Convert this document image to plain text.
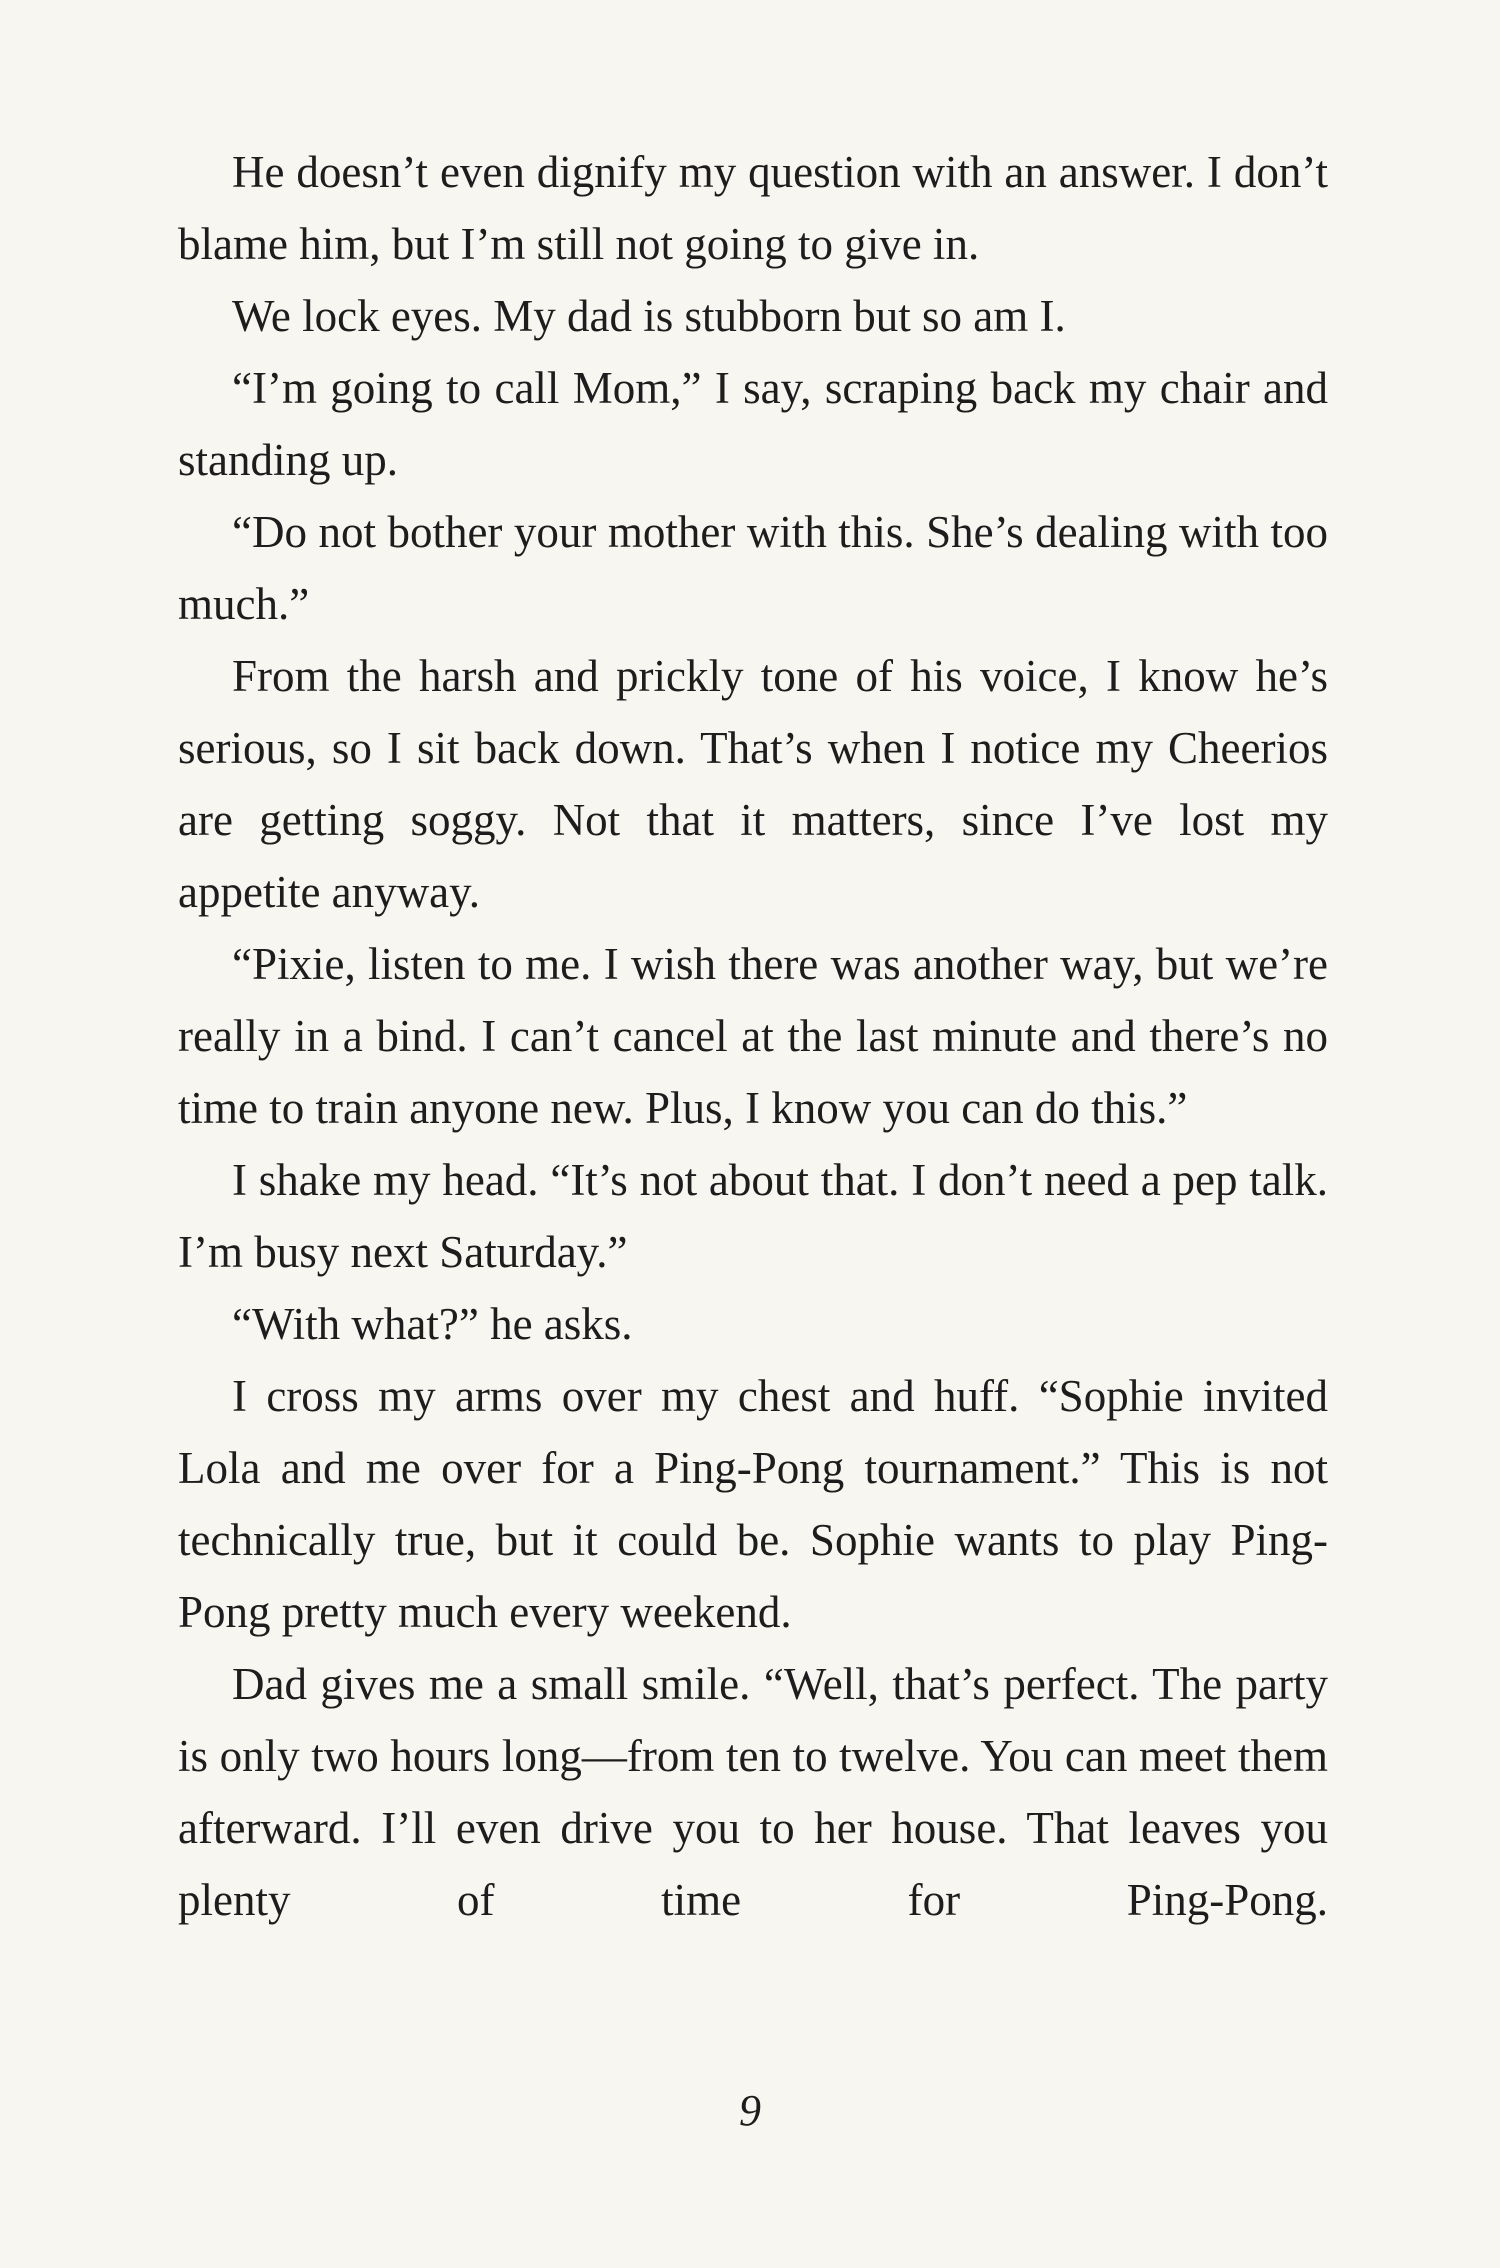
He doesn’t even dignify my question with an answer. I don’t blame him, but I’m still not going to give in.

We lock eyes. My dad is stubborn but so am I.

“I’m going to call Mom,” I say, scraping back my chair and standing up.

“Do not bother your mother with this. She’s dealing with too much.”

From the harsh and prickly tone of his voice, I know he’s serious, so I sit back down. That’s when I notice my Cheerios are getting soggy. Not that it matters, since I’ve lost my appetite anyway.

“Pixie, listen to me. I wish there was another way, but we’re really in a bind. I can’t cancel at the last minute and there’s no time to train anyone new. Plus, I know you can do this.”

I shake my head. “It’s not about that. I don’t need a pep talk. I’m busy next Saturday.”

“With what?” he asks.

I cross my arms over my chest and huff. “Sophie invited Lola and me over for a Ping-Pong tournament.” This is not technically true, but it could be. Sophie wants to play Ping-Pong pretty much every weekend.

Dad gives me a small smile. “Well, that’s perfect. The party is only two hours long—from ten to twelve. You can meet them afterward. I’ll even drive you to her house. That leaves you plenty of time for Ping-Pong.

9
